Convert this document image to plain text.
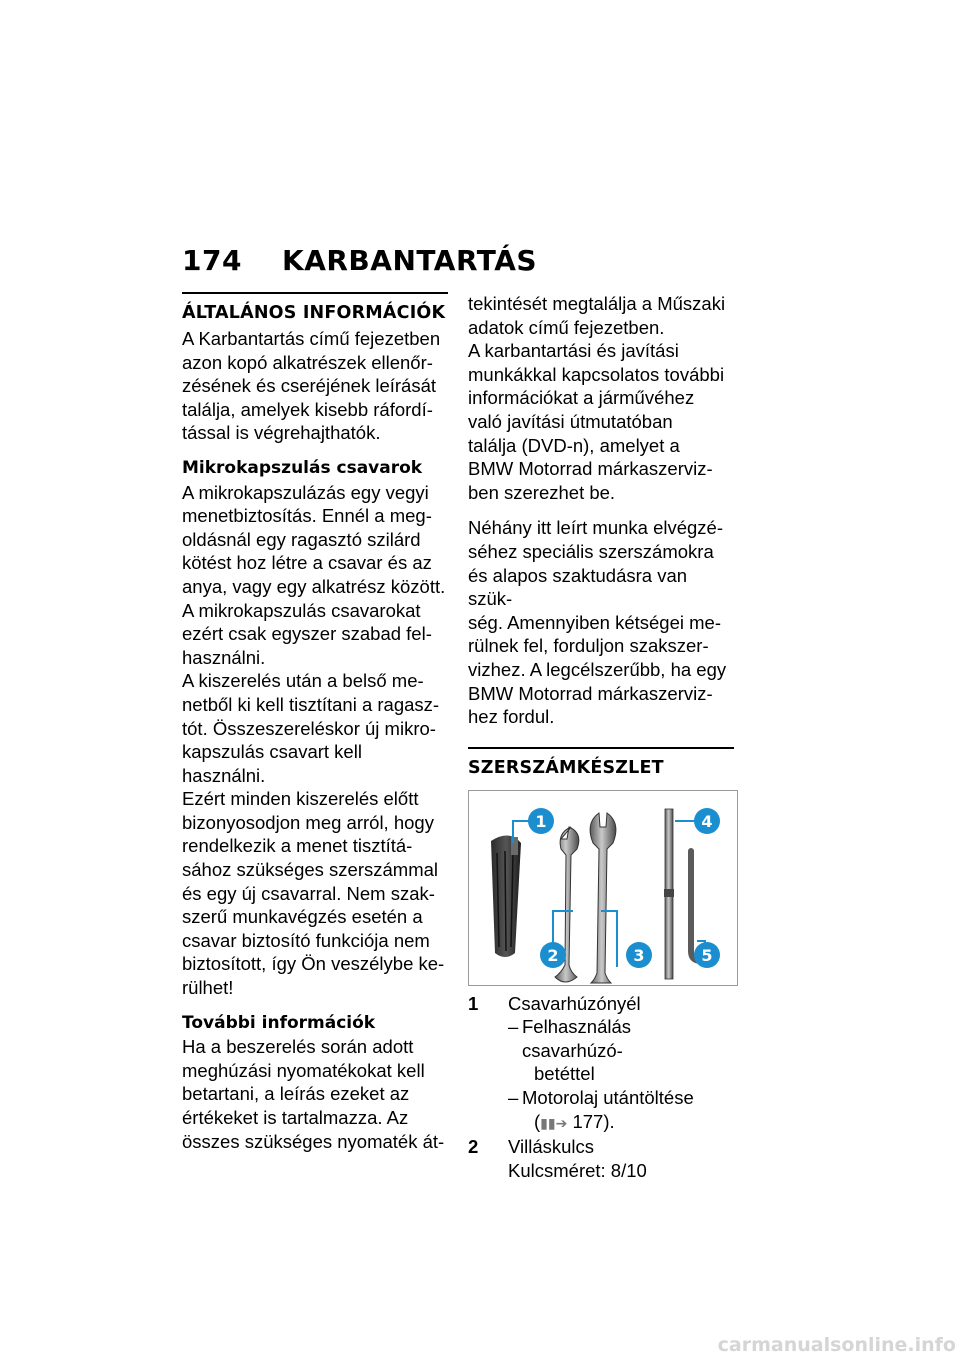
174 KARBANTARTÁS
ÁLTALÁNOS INFORMÁCIÓK

A Karbantartás című fejezetben
azon kopó alkatrészek ellenőr-
zésének és cseréjének leírását
találja, amelyek kisebb ráfordí-
tással is végrehajthatók.

Mikrokapszulás csavarok

A mikrokapszulázás egy vegyi
menetbiztosítás. Ennél a meg-
oldásnál egy ragasztó szilárd
kötést hoz létre a csavar és az
anya, vagy egy alkatrész között.
A mikrokapszulás csavarokat
ezért csak egyszer szabad fel-
használni.

A kiszerelés után a belső me-
netből ki kell tisztítani a ragasz-
tót. Összeszereléskor új mikro-
kapszulás csavart kell használni.
Ezért minden kiszerelés előtt
bizonyosodjon meg arról, hogy
rendelkezik a menet tisztítá-
sához szükséges szerszámmal
és egy új csavarral. Nem szak-
szerű munkavégzés esetén a
csavar biztosító funkciója nem
biztosított, így Ön veszélybe ke-
rülhet!

További információk

Ha a beszerelés során adott
meghúzási nyomatékokat kell
betartani, a leírás ezeket az
értékeket is tartalmazza. Az
összes szükséges nyomaték át-

tekintését megtalálja a Műszaki
adatok című fejezetben.

A karbantartási és javítási
munkákkal kapcsolatos további
információkat a járművéhez
való javítási útmutatóban
találja (DVD-n), amelyet a
BMW Motorrad márkaszerviz-
ben szerezhet be.

Néhány itt leírt munka elvégzé-
séhez speciális szerszámokra
és alapos szaktudásra van szük-
ség. Amennyiben kétségei me-
rülnek fel, forduljon szakszer-
vizhez. A legcélszerűbb, ha egy
BMW Motorrad márkaszerviz-
hez fordul.

SZERSZÁMKÉSZLET
1
2	3
4
5
1	Csavarhúzónyél
– Felhasználás csavarhúzó-
betéttel
– Motorolaj utántöltése
(▮▮➔ 177).
2	Villáskulcs
Kulcsméret: 8/10
carmanualsonline.info
